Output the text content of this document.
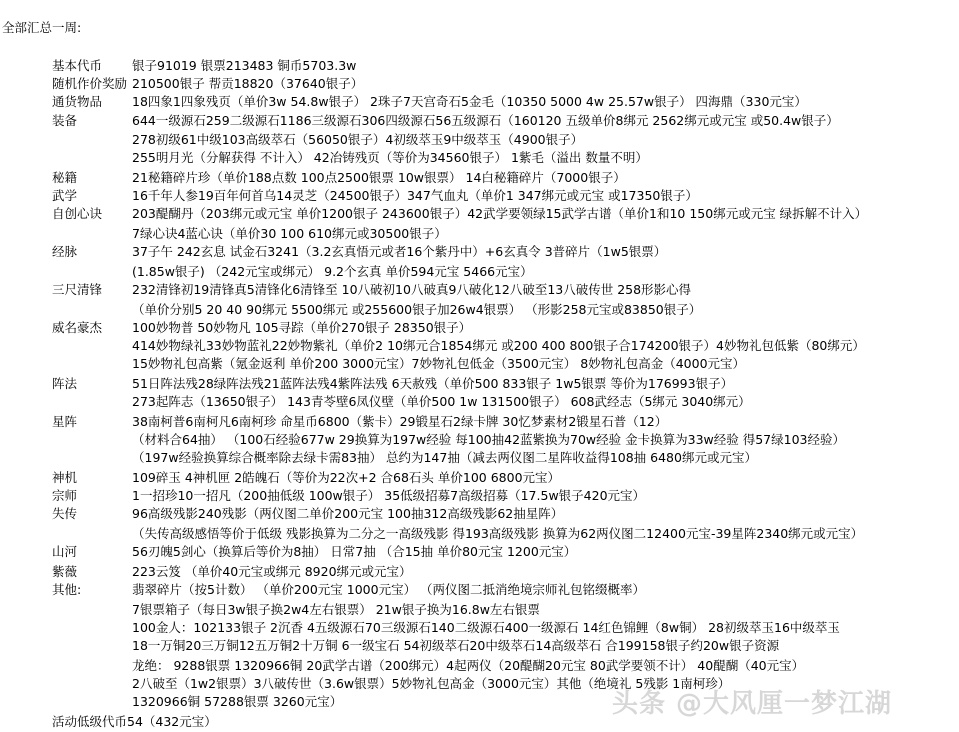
全部汇总一周:
基本代币 银子91019 银票213483 铜币5703.3w
随机作价奖励 210500银子 帮贡18820（37640银子）
通货物品 18四象1四象残页（单价3w 54.8w银子） 2珠子7天宫奇石5金毛（10350 5000 4w 25.57w银子） 四海鼎（330元宝）
装备	644一级源石259二级源石1186三级源石306四级源石56五级源石（160120 五级单价8绑元 2562绑元或元宝 或50.4w银子）
278初级61中级103高级萃石（56050银子）4初级萃玉9中级萃玉（4900银子）
255明月光（分解获得 不计入） 42冶铸残页（等价为34560银子） 1紫毛（溢出 数量不明）
秘籍	21秘籍碎片珍（单价188点数 100点2500银票 10w银票） 14白秘籍碎片（7000银子）
武学	16千年人参19百年何首乌14灵芝（24500银子）347气血丸（单价1 347绑元或元宝 或17350银子）
自创心诀 203醍醐丹（203绑元或元宝 单价1200银子 243600银子）42武学要领绿15武学古谱（单价1和10 150绑元或元宝 绿拆解不计入）
7绿心诀4蓝心诀（单价30 100 610绑元或30500银子）
经脉	37子午 242玄息 试金石3241（3.2玄真悟元或者16个紫丹中）+6玄真令 3普碎片（1w5银票）
(1.85w银子) （242元宝或绑元） 9.2个玄真 单价594元宝 5466元宝）
三尺清锋 232清锋初19清锋真5清锋化6清锋至 10八破初10八破真9八破化12八破至13八破传世 258形影心得
（单价分别5 20 40 90绑元 5500绑元 或255600银子加26w4银票） （形影258元宝或83850银子）
威名豪杰 100妙物普 50妙物凡 105寻踪（单价270银子 28350银子）
414妙物绿礼33妙物蓝礼22妙物紫礼（单价2 10绑元合1854绑元 或200 400 800银子合174200银子）4妙物礼包低紫（80绑元）
15妙物礼包高紫（氪金返利 单价200 3000元宝）7妙物礼包低金（3500元宝） 8妙物礼包高金（4000元宝）
阵法	51日阵法残28绿阵法残21蓝阵法残4紫阵法残 6天赦残（单价500 833银子 1w5银票 等价为176993银子）
273起阵志（13650银子） 143青苓壁6凤仪壁（单价500 1w 131500银子） 608武经志（5绑元 3040绑元）
星阵	38南柯普6南柯凡6南柯珍 命星币6800（紫卡）29锻星石2绿卡牌 30忆梦素材2锻星石普（12）
（材料合64抽） （100石经验677w 29换算为197w经验 每100抽42蓝紫换为70w经验 金卡换算为33w经验 得57绿103经验）
（197w经验换算综合概率除去绿卡需83抽） 总约为147抽（减去两仪图二星阵收益得108抽 6480绑元或元宝）
神机	109碎玉 4神机匣 2皓魄石（等价为22次+2 合68石头 单价100 6800元宝）
宗师	1一招珍10一招凡（200抽低级 100w银子） 35低级招募7高级招募（17.5w银子420元宝）
失传	96高级残影240残影（两仪图二单价200元宝 100抽312高级残影62抽星阵）
（失传高级感悟等价于低级 残影换算为二分之一高级残影 得193高级残影 换算为62两仪图二12400元宝-39星阵2340绑元或元宝）
山河	56刃魄5剑心（换算后等价为8抽） 日常7抽 （合15抽 单价80元宝 1200元宝）
紫薇	223云笈 （单价40元宝或绑元 8920绑元或元宝）
其他:	翡翠碎片（按5计数） （单价200元宝 1000元宝） （两仪图二抵消绝境宗师礼包铭缀概率）
7银票箱子（每日3w银子换2w4左右银票） 21w银子换为16.8w左右银票
100金人：102133银子 2沉香 4五级源石70三级源石140二级源石400一级源石 14红色锦鲤（8w铜） 28初级萃玉16中级萃玉
18一万铜20三万铜12五万铜2十万铜 6一级宝石 54初级萃石20中级萃石14高级萃石 合199158银子约20w银子资源
龙绝： 9288银票 1320966铜 20武学古谱（200绑元）4起两仪（20醍醐20元宝 80武学要领不计） 40醍醐（40元宝）
2八破至（1w2银票）3八破传世（3.6w银票）5妙物礼包高金（3000元宝）其他（绝境礼 5残影 1南柯珍）
1320966铜 57288银票 3260元宝）
活动低级代币54（432元宝）
头条 @大风厘一梦江湖
